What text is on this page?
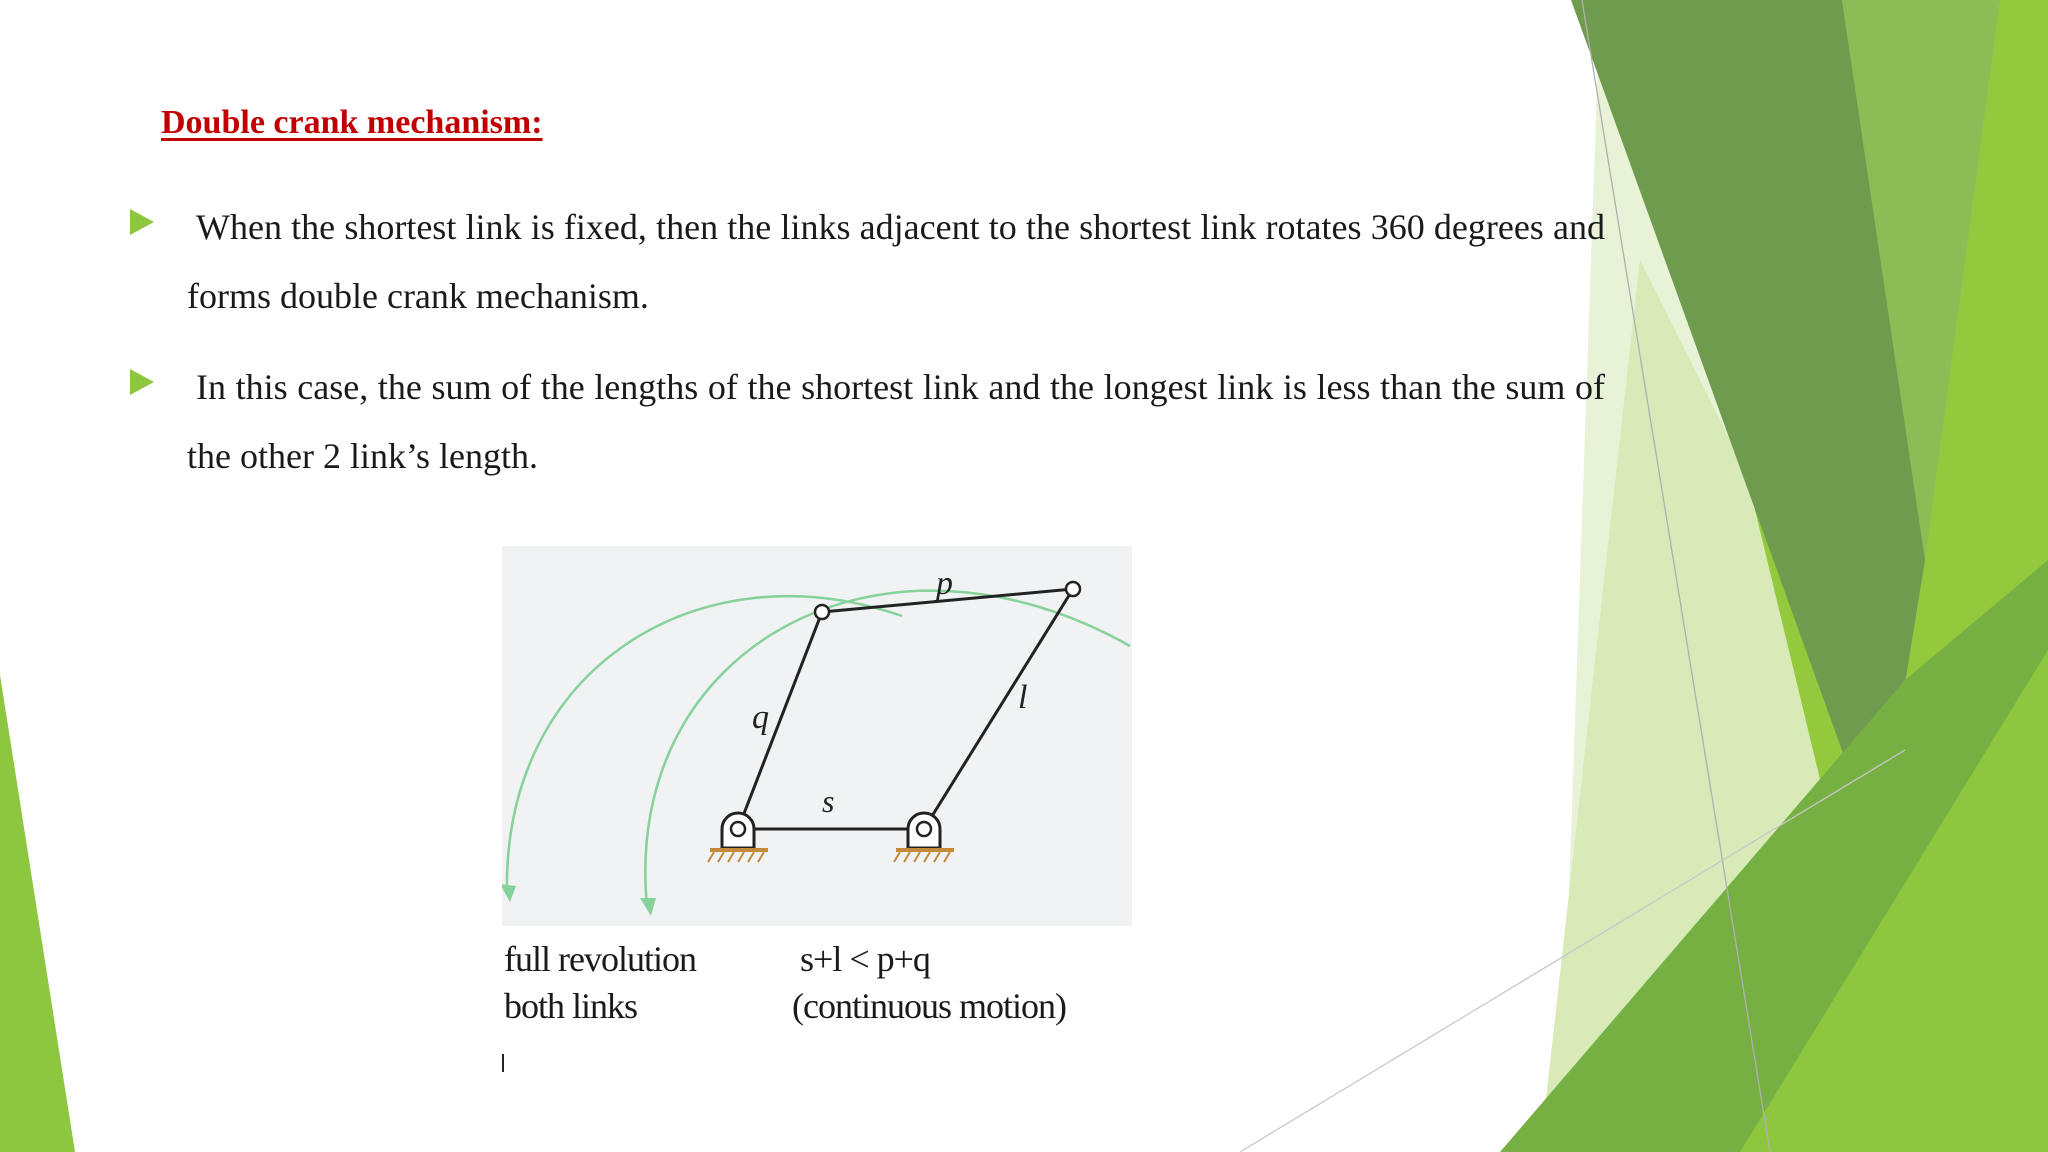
Double crank mechanism:
When the shortest link is fixed, then the links adjacent to the shortest link rotates 360 degrees and forms double crank mechanism.
In this case, the sum of the lengths of the shortest link and the longest link is less than the sum of the other 2 link’s length.
p
q
l
s
full revolution
both links
s+l < p+q
(continuous motion)
